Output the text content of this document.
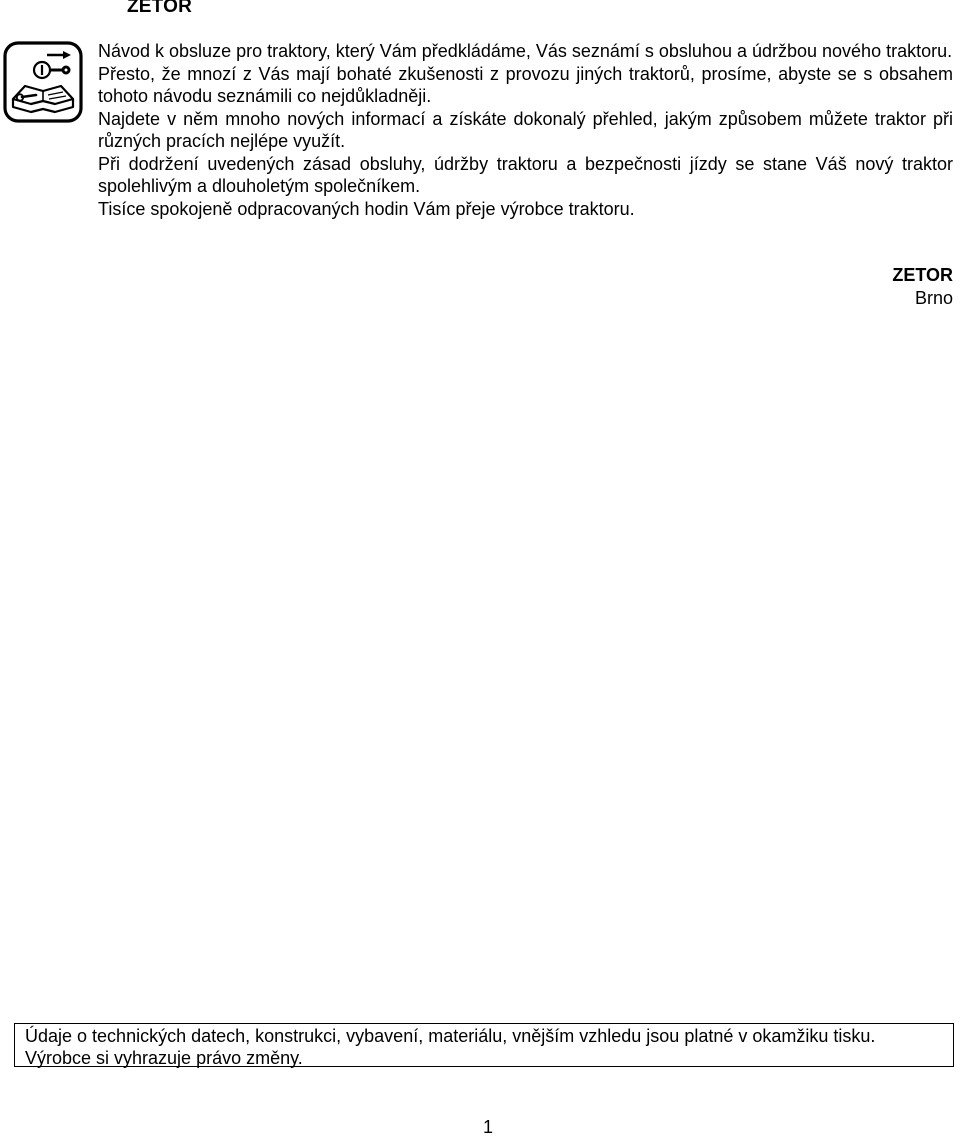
ZETOR

Návod k obsluze pro traktory, který Vám předkládáme, Vás seznámí s obsluhou a údržbou nového traktoru.

Přesto, že mnozí z Vás mají bohaté zkušenosti z provozu jiných traktorů, prosíme, abyste se s obsahem tohoto návodu seznámili co nejdůkladněji.

Najdete v něm mnoho nových informací a získáte dokonalý přehled, jakým způsobem můžete traktor při různých pracích nejlépe využít.

Při dodržení uvedených zásad obsluhy, údržby traktoru a bezpečnosti jízdy se stane Váš nový traktor spolehlivým a dlouholetým společníkem.

Tisíce spokojeně odpracovaných hodin Vám přeje výrobce traktoru.

ZETOR
Brno
Údaje o technických datech, konstrukci, vybavení, materiálu, vnějším vzhledu jsou platné v okamžiku tisku.
Výrobce si vyhrazuje právo změny.
1
